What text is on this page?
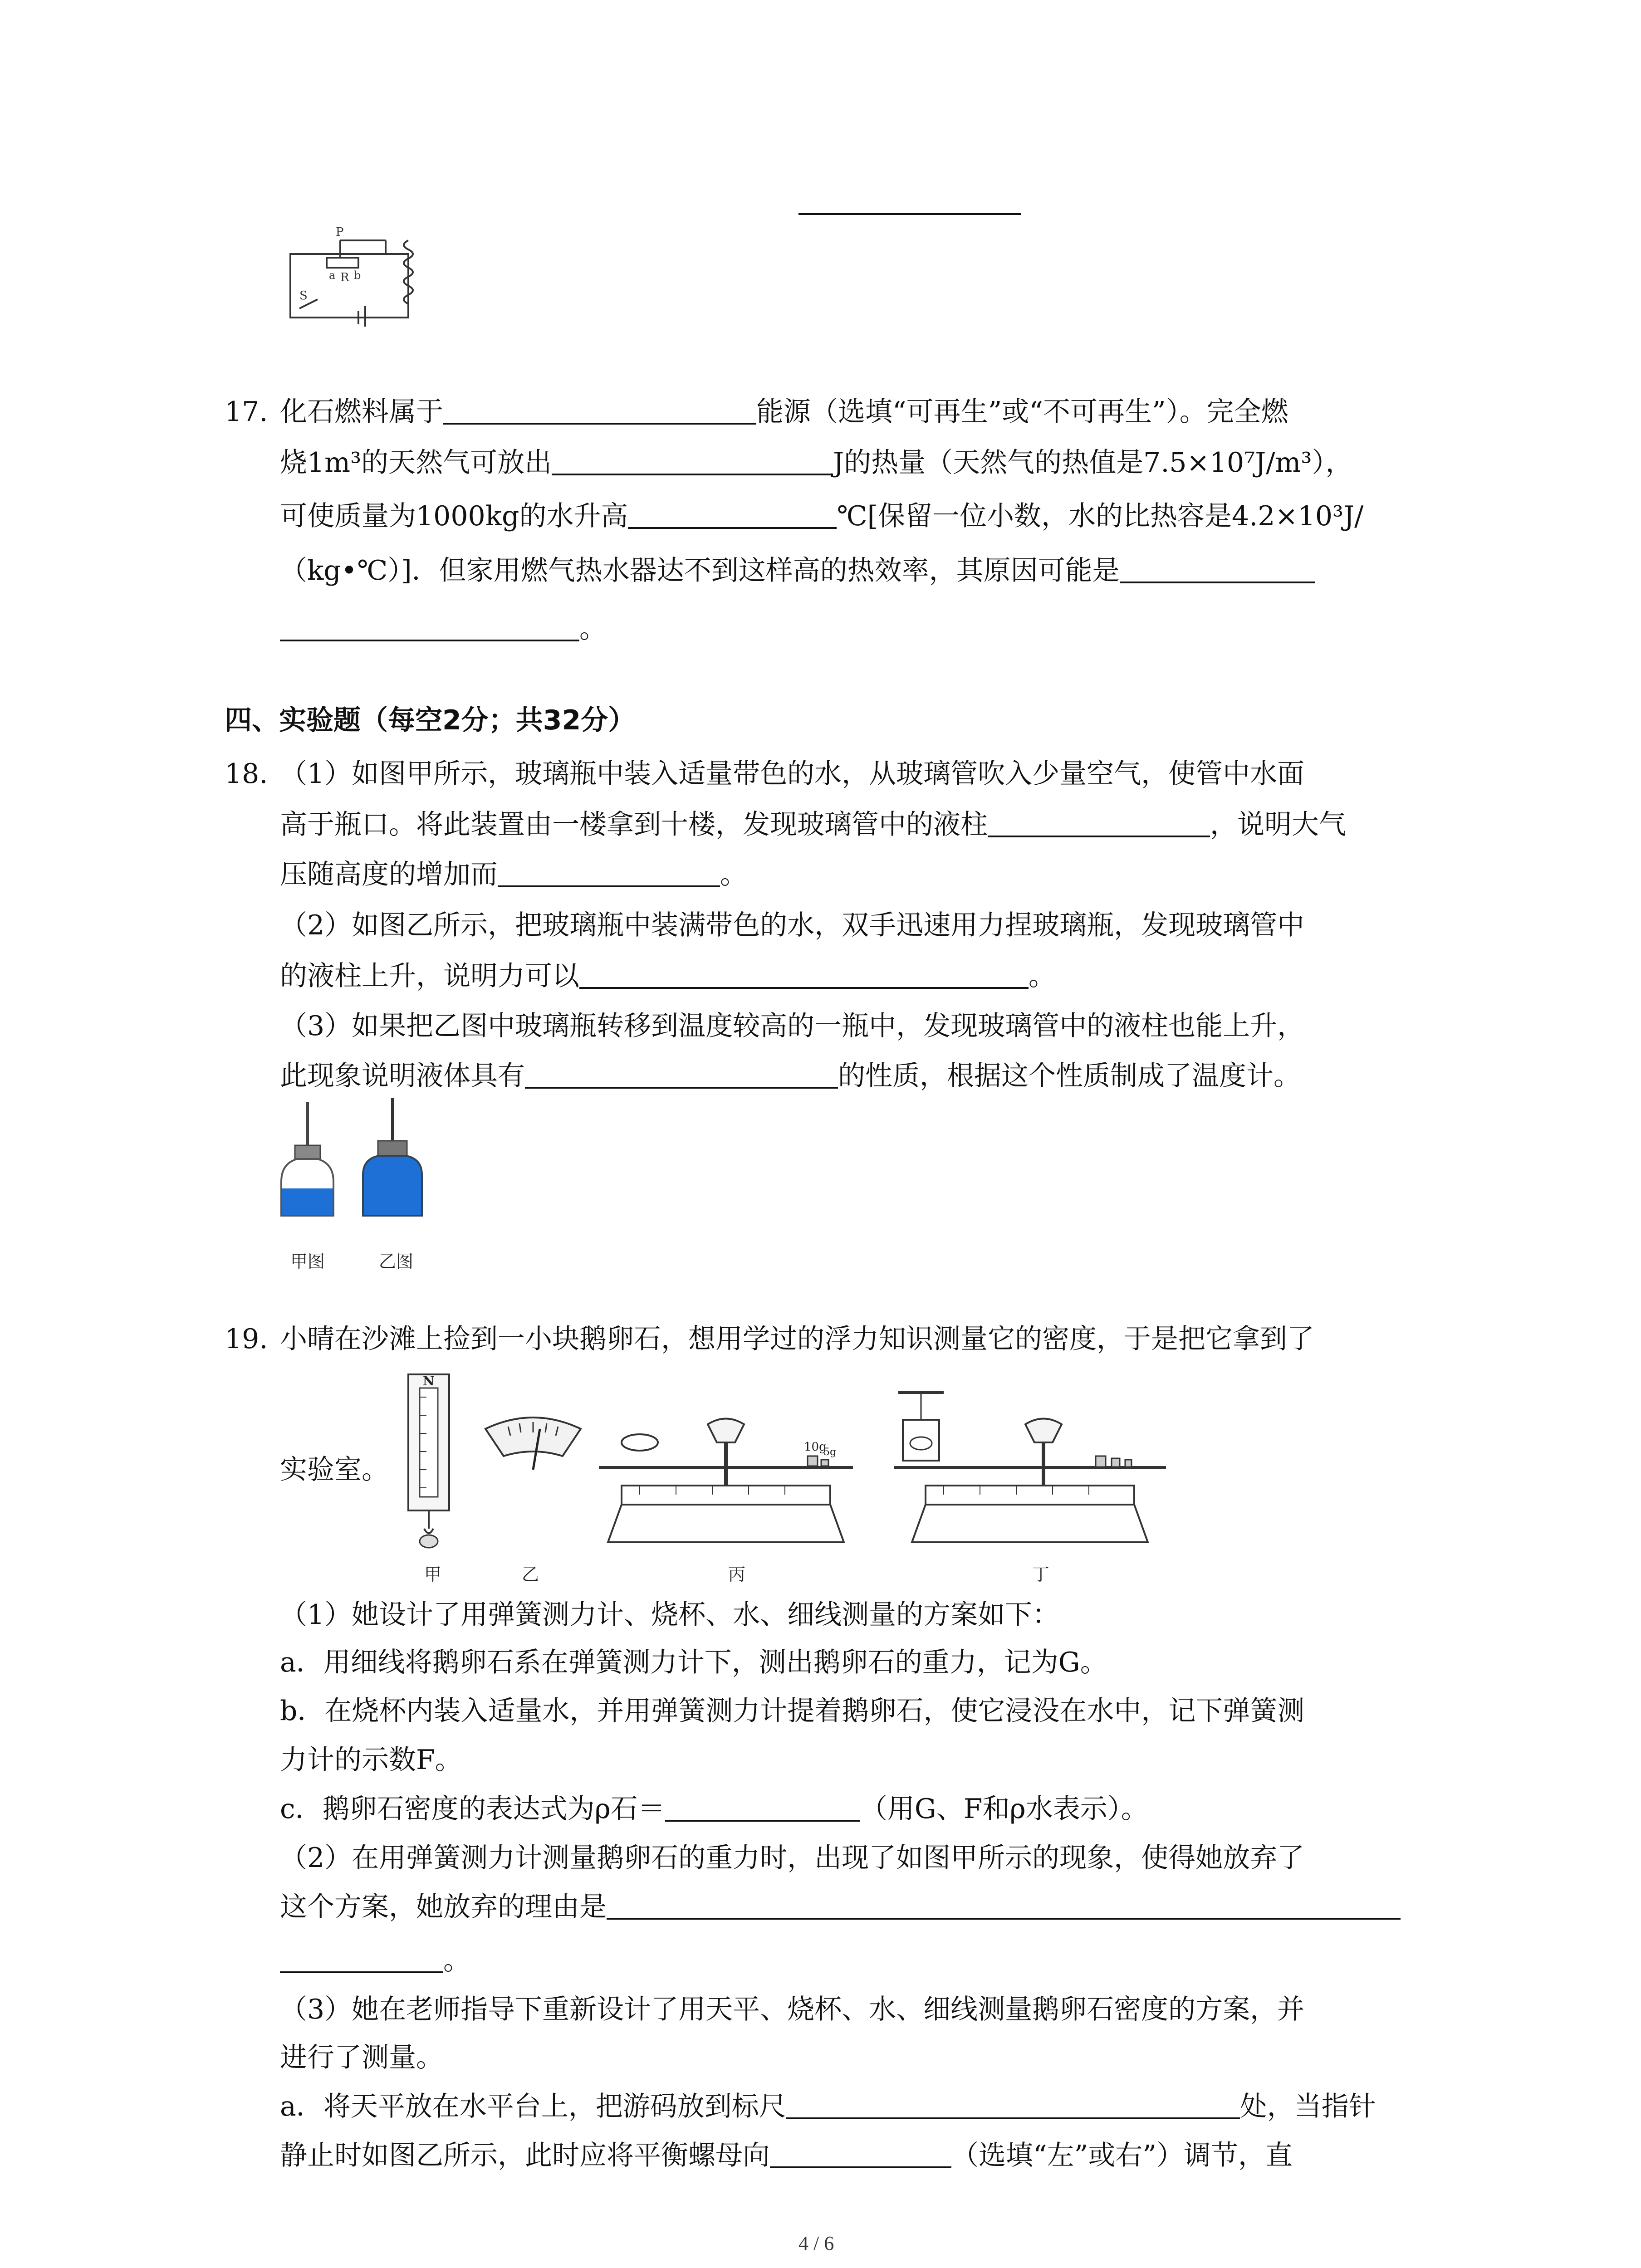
P
a R b
S
17. 化石燃料属于	能源（选填“可再生”或“不可再生”）。完全燃
烧1m³的天然气可放出	J的热量（天然气的热值是7.5×10⁷J/m³），
可使质量为1000kg的水升高	℃[保留一位小数，水的比热容是4.2×10³J/
（kg•℃）]．但家用燃气热水器达不到这样高的热效率，其原因可能是
。
四、实验题（每空2分；共32分）
18. （1）如图甲所示，玻璃瓶中装入适量带色的水，从玻璃管吹入少量空气，使管中水面
高于瓶口。将此装置由一楼拿到十楼，发现玻璃管中的液柱	，说明大气
压随高度的增加而	。
（2）如图乙所示，把玻璃瓶中装满带色的水，双手迅速用力捏玻璃瓶，发现玻璃管中
的液柱上升，说明力可以	。
（3）如果把乙图中玻璃瓶转移到温度较高的一瓶中，发现玻璃管中的液柱也能上升，
此现象说明液体具有	的性质，根据这个性质制成了温度计。
甲图	乙图
19. 小晴在沙滩上捡到一小块鹅卵石，想用学过的浮力知识测量它的密度，于是把它拿到了
实验室。
N
10g
5g
甲	乙	丙	丁
（1）她设计了用弹簧测力计、烧杯、水、细线测量的方案如下：
a．用细线将鹅卵石系在弹簧测力计下，测出鹅卵石的重力，记为G。
b．在烧杯内装入适量水，并用弹簧测力计提着鹅卵石，使它浸没在水中，记下弹簧测
力计的示数F。
c．鹅卵石密度的表达式为ρ石＝	（用G、F和ρ水表示）。
（2）在用弹簧测力计测量鹅卵石的重力时，出现了如图甲所示的现象，使得她放弃了
这个方案，她放弃的理由是
。
（3）她在老师指导下重新设计了用天平、烧杯、水、细线测量鹅卵石密度的方案，并
进行了测量。
a．将天平放在水平台上，把游码放到标尺	处，当指针
静止时如图乙所示，此时应将平衡螺母向	（选填“左”或右”）调节，直
4 / 6
